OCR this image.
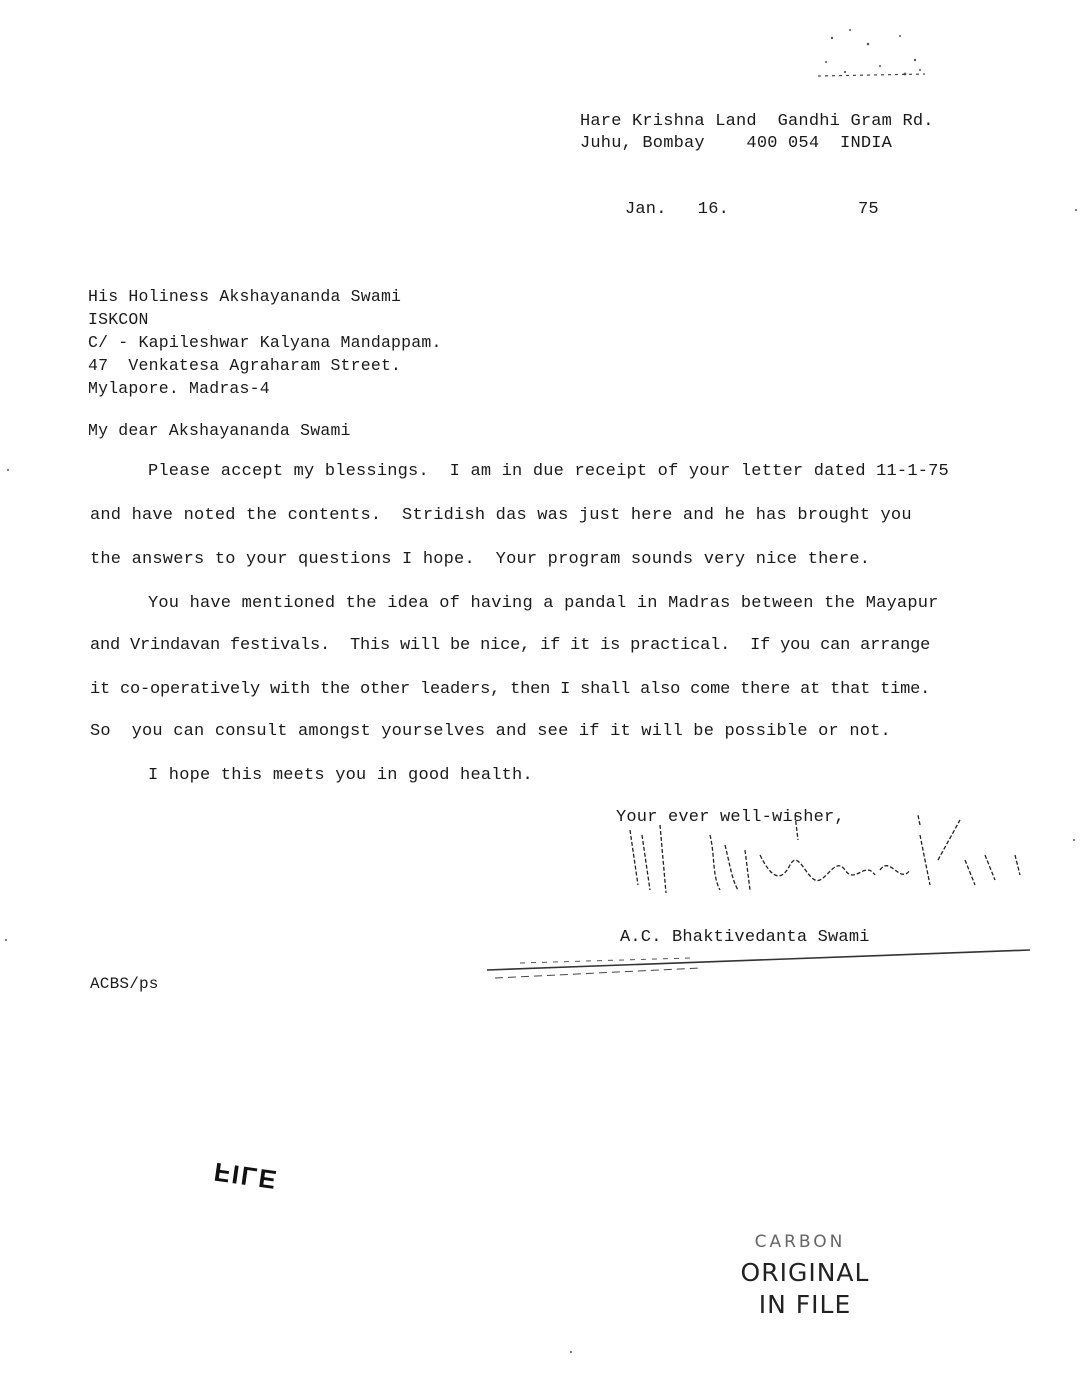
Hare Krishna Land  Gandhi Gram Rd.
Juhu, Bombay    400 054  INDIA
Jan.   16.	75
His Holiness Akshayananda Swami
ISKCON
C/ - Kapileshwar Kalyana Mandappam.
47  Venkatesa Agraharam Street.
Mylapore. Madras-4
My dear Akshayananda Swami
Please accept my blessings.  I am in due receipt of your letter dated 11-1-75
and have noted the contents.  Stridish das was just here and he has brought you
the answers to your questions I hope.  Your program sounds very nice there.
You have mentioned the idea of having a pandal in Madras between the Mayapur
and Vrindavan festivals.  This will be nice, if it is practical.  If you can arrange
it co-operatively with the other leaders, then I shall also come there at that time.
So  you can consult amongst yourselves and see if it will be possible or not.
I hope this meets you in good health.
Your ever well-wisher,
A.C. Bhaktivedanta Swami
ACBS/ps
FILE
CARBON
ORIGINAL
IN FILE
